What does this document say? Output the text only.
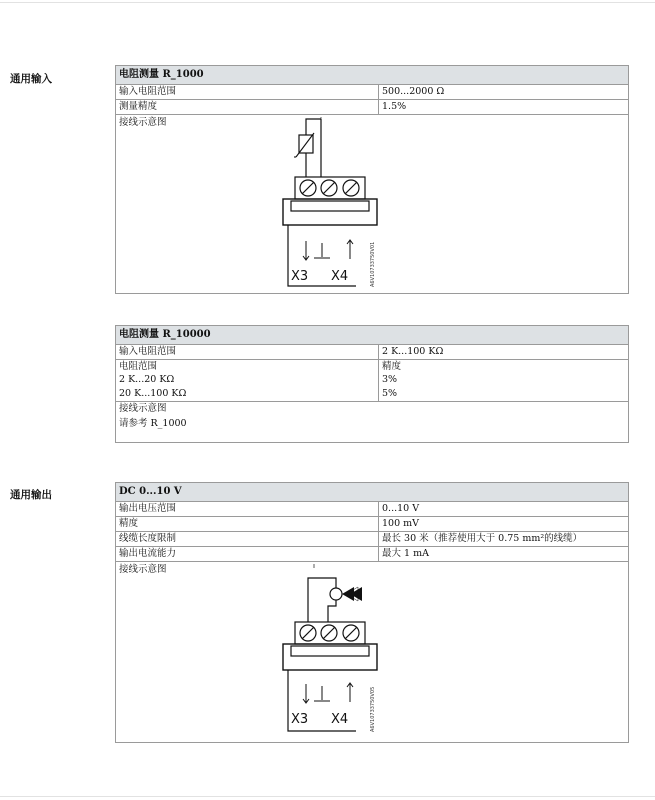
通用输入	电阻测量 R_1000
输入电阻范围	500...2000 Ω
测量精度	1.5%
接线示意图
X3 X4	A6V10733750V01
电阻测量 R_10000
输入电阻范围	2 K...100 KΩ
电阻范围	精度
2 K...20 KΩ	3%
20 K...100 KΩ	5%
接线示意图
请参考 R_1000
通用输出	DC 0...10 V
输出电压范围	0...10 V
精度	100 mV
线缆长度限制	最长 30 米（推荐使用大于 0.75 mm²的线缆）
输出电流能力	最大 1 mA
接线示意图
X3 X4	A6V10733750V05
